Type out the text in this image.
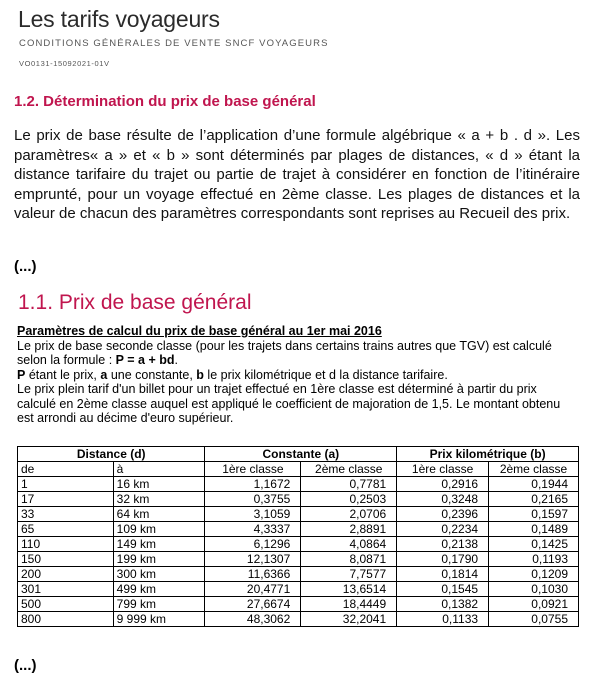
Les tarifs voyageurs
CONDITIONS GÉNÉRALES DE VENTE SNCF VOYAGEURS
VO0131-15092021-01V
1.2. Détermination du prix de base général

Le prix de base résulte de l’application d’une formule algébrique « a + b . d ». Les paramètres« a » et « b » sont déterminés par plages de distances, « d » étant la distance tarifaire du trajet ou partie de trajet à considérer en fonction de l’itinéraire emprunté, pour un voyage effectué en 2ème classe. Les plages de distances et la valeur de chacun des paramètres correspondants sont reprises au Recueil des prix.

(...)

1.1. Prix de base général

Paramètres de calcul du prix de base général au 1er mai 2016

Le prix de base seconde classe (pour les trajets dans certains trains autres que TGV) est calculé selon la formule : P = a + bd.

P étant le prix, a une constante, b le prix kilométrique et d la distance tarifaire.

Le prix plein tarif d'un billet pour un trajet effectué en 1ère classe est déterminé à partir du prix calculé en 2ème classe auquel est appliqué le coefficient de majoration de 1,5. Le montant obtenu est arrondi au décime d'euro supérieur.

Distance (d)		Constante (a)		Prix kilométrique (b)	
de	à	1ère classe	2ème classe	1ère classe	2ème classe
1	16 km	1,1672	0,7781	0,2916	0,1944
17	32 km	0,3755	0,2503	0,3248	0,2165
33	64 km	3,1059	2,0706	0,2396	0,1597
65	109 km	4,3337	2,8891	0,2234	0,1489
110	149 km	6,1296	4,0864	0,2138	0,1425
150	199 km	12,1307	8,0871	0,1790	0,1193
200	300 km	11,6366	7,7577	0,1814	0,1209
301	499 km	20,4771	13,6514	0,1545	0,1030
500	799 km	27,6674	18,4449	0,1382	0,0921
800	9 999 km	48,3062	32,2041	0,1133	0,0755

(...)
